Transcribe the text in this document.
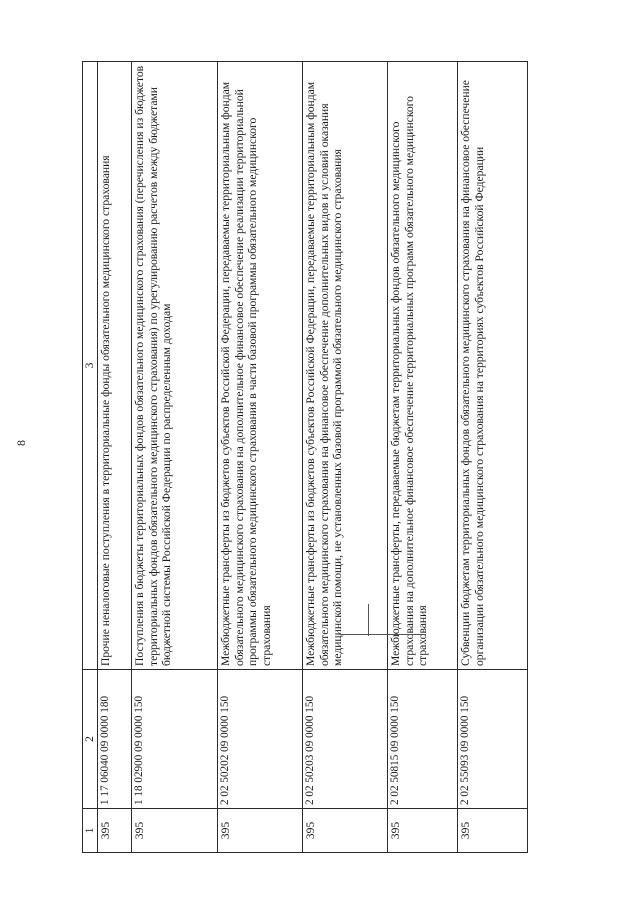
8
1	2	3
395	1 17 06040 09 0000 180	Прочие неналоговые поступления в территориальные фонды обязательного медицинского страхования
395	1 18 02900 09 0000 150	Поступления в бюджеты территориальных фондов обязательного медицинского страхования (перечисления из бюджетов территориальных фондов обязательного медицинского страхования) по урегулированию расчетов между бюджетами бюджетной системы Российской Федерации по распределенным доходам
395	2 02 50202 09 0000 150	Межбюджетные трансферты из бюджетов субъектов Российской Федерации, передаваемые территориальным фондам обязательного медицинского страхования на дополнительное финансовое обеспечение реализации территориальной программы обязательного медицинского страхования в части базовой программы обязательного медицинского страхования
395	2 02 50203 09 0000 150	Межбюджетные трансферты из бюджетов субъектов Российской Федерации, передаваемые территориальным фондам обязательного медицинского страхования на финансовое обеспечение дополнительных видов и условий оказания медицинской помощи, не установленных базовой программой обязательного медицинского страхования
395	2 02 50815 09 0000 150	Межбюджетные трансферты, передаваемые бюджетам территориальных фондов обязательного медицинского страхования на дополнительное финансовое обеспечение территориальных программ обязательного медицинского страхования
395	2 02 55093 09 0000 150	Субвенции бюджетам территориальных фондов обязательного медицинского страхования на финансовое обеспечение организации обязательного медицинского страхования на территориях субъектов Российской Федерации
